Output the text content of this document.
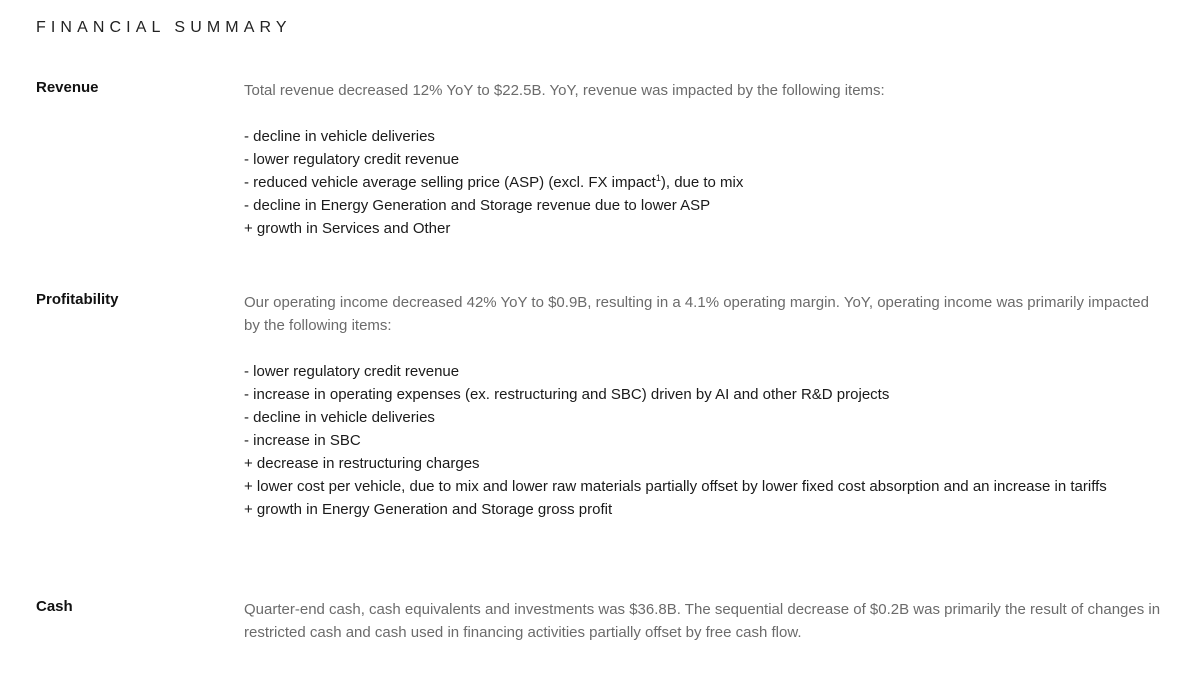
FINANCIAL SUMMARY
Revenue	Total revenue decreased 12% YoY to $22.5B. YoY, revenue was impacted by the following items:

- decline in vehicle deliveries
- lower regulatory credit revenue
- reduced vehicle average selling price (ASP) (excl. FX impact$^1$), due to mix
- decline in Energy Generation and Storage revenue due to lower ASP
+ growth in Services and Other
Profitability	Our operating income decreased 42% YoY to $0.9B, resulting in a 4.1% operating margin. YoY, operating income was primarily impacted by the following items:

- lower regulatory credit revenue
- increase in operating expenses (ex. restructuring and SBC) driven by AI and other R&D projects
- decline in vehicle deliveries
- increase in SBC
+ decrease in restructuring charges
+ lower cost per vehicle, due to mix and lower raw materials partially offset by lower fixed cost absorption and an increase in tariffs
+ growth in Energy Generation and Storage gross profit
Cash	Quarter-end cash, cash equivalents and investments was $36.8B. The sequential decrease of $0.2B was primarily the result of changes in restricted cash and cash used in financing activities partially offset by free cash flow.
